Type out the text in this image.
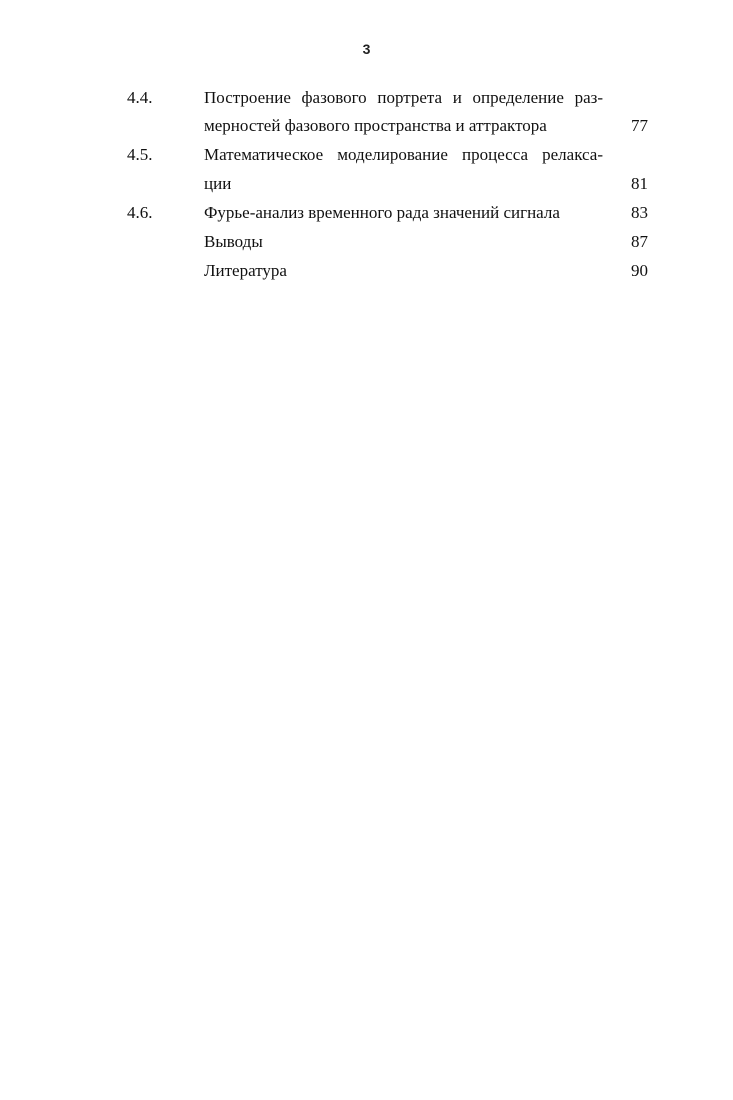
3
4.4.	Построение фазового портрета и определение раз-
мерностей фазового пространства и аттрактора	77
4.5.	Математическое моделирование процесса релакса-
ции	81
4.6.	Фурье-анализ временного рада значений сигнала	83
Выводы	87
Литература	90
